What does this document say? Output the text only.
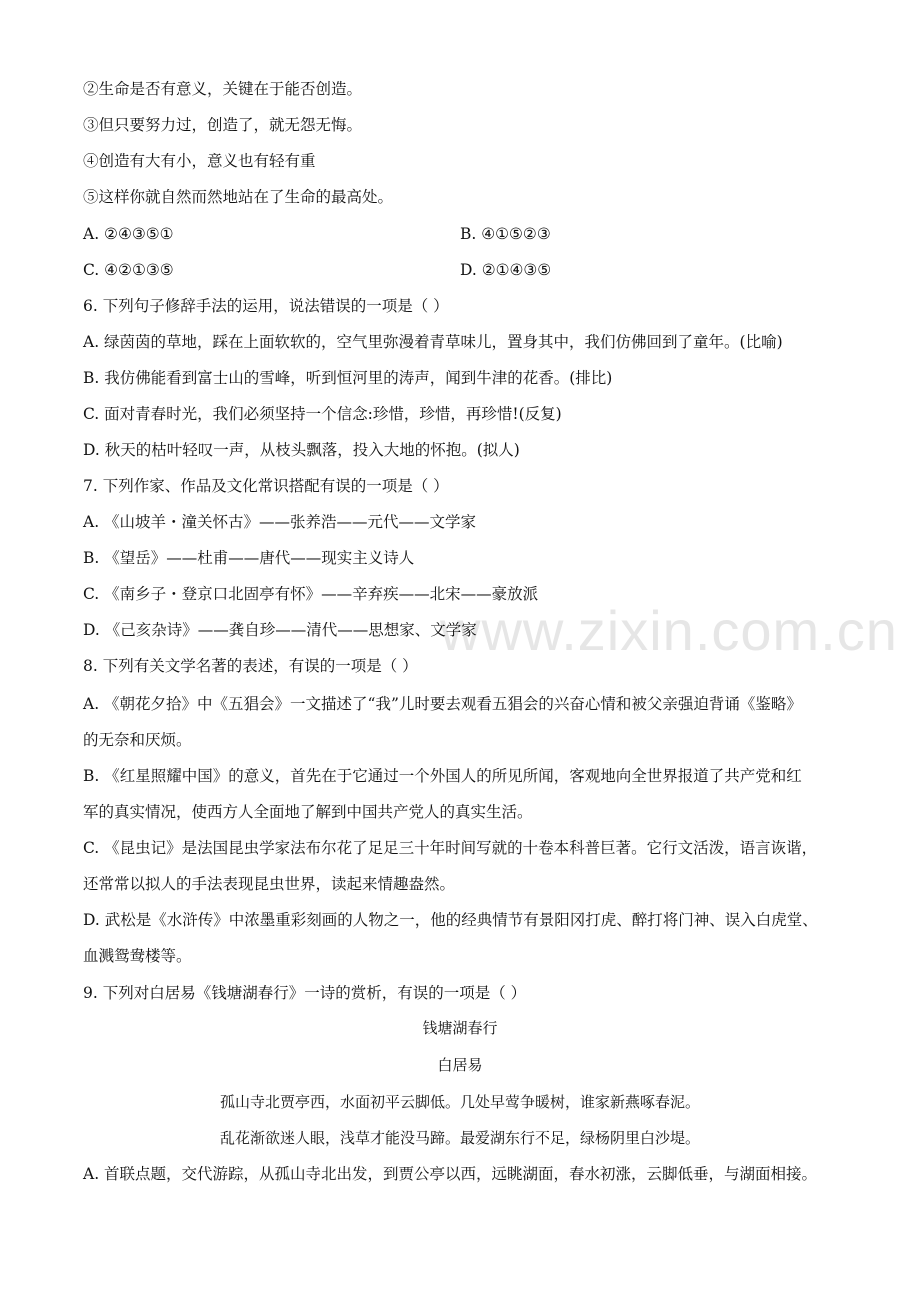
www.zixin.com.cn
②生命是否有意义，关键在于能否创造。
③但只要努力过，创造了，就无怨无悔。
④创造有大有小，意义也有轻有重
⑤这样你就自然而然地站在了生命的最高处。
A. ②④③⑤①	B. ④①⑤②③
C. ④②①③⑤	D. ②①④③⑤
6. 下列句子修辞手法的运用，说法错误的一项是（ ）
A. 绿茵茵的草地，踩在上面软软的，空气里弥漫着青草味儿，置身其中，我们仿佛回到了童年。(比喻)
B. 我仿佛能看到富士山的雪峰，听到恒河里的涛声，闻到牛津的花香。(排比)
C. 面对青春时光，我们必须坚持一个信念:珍惜，珍惜，再珍惜!(反复)
D. 秋天的枯叶轻叹一声，从枝头飘落，投入大地的怀抱。(拟人)
7. 下列作家、作品及文化常识搭配有误的一项是（ ）
A. 《山坡羊・潼关怀古》——张养浩——元代——文学家
B. 《望岳》——杜甫——唐代——现实主义诗人
C. 《南乡子・登京口北固亭有怀》——辛弃疾——北宋——豪放派
D. 《己亥杂诗》——龚自珍——清代——思想家、文学家
8. 下列有关文学名著的表述，有误的一项是（ ）
A. 《朝花夕拾》中《五猖会》一文描述了“我”儿时要去观看五猖会的兴奋心情和被父亲强迫背诵《鉴略》
的无奈和厌烦。
B. 《红星照耀中国》的意义，首先在于它通过一个外国人的所见所闻，客观地向全世界报道了共产党和红
军的真实情况，使西方人全面地了解到中国共产党人的真实生活。
C. 《昆虫记》是法国昆虫学家法布尔花了足足三十年时间写就的十卷本科普巨著。它行文活泼，语言诙谐，
还常常以拟人的手法表现昆虫世界，读起来情趣盎然。
D. 武松是《水浒传》中浓墨重彩刻画的人物之一，他的经典情节有景阳冈打虎、醉打将门神、误入白虎堂、
血溅鸳鸯楼等。
9. 下列对白居易《钱塘湖春行》一诗的赏析，有误的一项是（ ）
钱塘湖春行
白居易
孤山寺北贾亭西，水面初平云脚低。几处早莺争暖树，谁家新燕啄春泥。
乱花渐欲迷人眼，浅草才能没马蹄。最爱湖东行不足，绿杨阴里白沙堤。
A. 首联点题，交代游踪，从孤山寺北出发，到贾公亭以西，远眺湖面，春水初涨，云脚低垂，与湖面相接。
